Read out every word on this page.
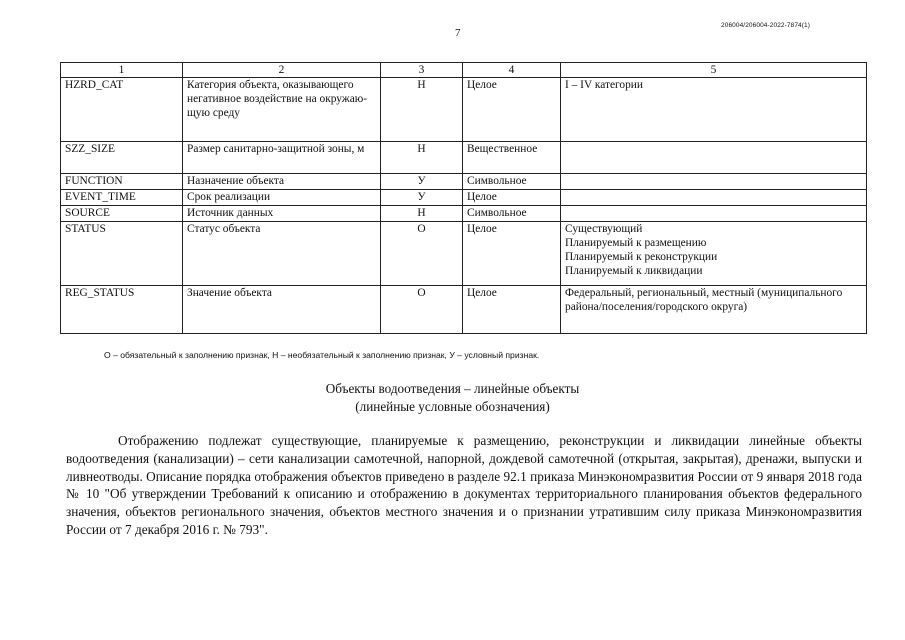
7
206004/206004-2022-7874(1)
1	2	3	4	5
HZRD_CAT	Категория объекта, оказывающего негативное воздействие на окружаю-щую среду	Н	Целое	I – IV категории
SZZ_SIZE	Размер санитарно-защитной зоны, м	Н	Вещественное	
FUNCTION	Назначение объекта	У	Символьное	
EVENT_TIME	Срок реализации	У	Целое	
SOURCE	Источник данных	Н	Символьное	
STATUS	Статус объекта	О	Целое	Существующий
Планируемый к размещению
Планируемый к реконструкции
Планируемый к ликвидации
REG_STATUS	Значение объекта	О	Целое	Федеральный, региональный, местный (муниципального района/поселения/городского округа)
О – обязательный к заполнению признак, Н – необязательный к заполнению признак, У – условный признак.
Объекты водоотведения – линейные объекты
(линейные условные обозначения)

Отображению подлежат существующие, планируемые к размещению, реконструкции и ликвидации линейные объекты водоотведения (канализации) – сети канализации самотечной, напорной, дождевой самотечной (открытая, закрытая), дренажи, выпуски и ливнеотводы. Описание порядка отображения объектов приведено в разделе 92.1 приказа Минэкономразвития России от 9 января 2018 года № 10 "Об утверждении Требований к описанию и отображению в документах территориального планирования объектов федерального значения, объектов регионального значения, объектов местного значения и о признании утратившим силу приказа Минэкономразвития России от 7 декабря 2016 г. № 793".
